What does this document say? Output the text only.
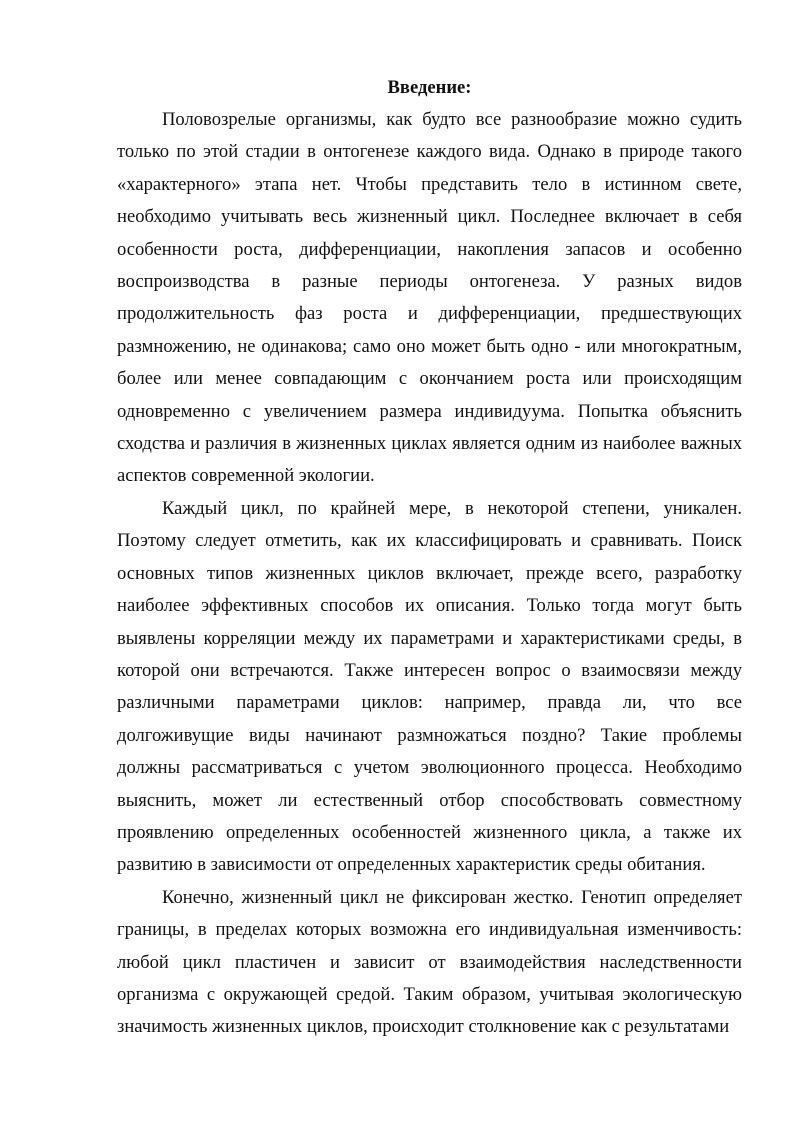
Введение:

Половозрелые организмы, как будто все разнообразие можно судить только по этой стадии в онтогенезе каждого вида. Однако в природе такого «характерного» этапа нет. Чтобы представить тело в истинном свете, необходимо учитывать весь жизненный цикл. Последнее включает в себя особенности роста, дифференциации, накопления запасов и особенно воспроизводства в разные периоды онтогенеза. У разных видов продолжительность фаз роста и дифференциации, предшествующих размножению, не одинакова; само оно может быть одно - или многократным, более или менее совпадающим с окончанием роста или происходящим одновременно с увеличением размера индивидуума. Попытка объяснить сходства и различия в жизненных циклах является одним из наиболее важных аспектов современной экологии.

Каждый цикл, по крайней мере, в некоторой степени, уникален. Поэтому следует отметить, как их классифицировать и сравнивать. Поиск основных типов жизненных циклов включает, прежде всего, разработку наиболее эффективных способов их описания. Только тогда могут быть выявлены корреляции между их параметрами и характеристиками среды, в которой они встречаются. Также интересен вопрос о взаимосвязи между различными параметрами циклов: например, правда ли, что все долгоживущие виды начинают размножаться поздно? Такие проблемы должны рассматриваться с учетом эволюционного процесса. Необходимо выяснить, может ли естественный отбор способствовать совместному проявлению определенных особенностей жизненного цикла, а также их развитию в зависимости от определенных характеристик среды обитания.

Конечно, жизненный цикл не фиксирован жестко. Генотип определяет границы, в пределах которых возможна его индивидуальная изменчивость: любой цикл пластичен и зависит от взаимодействия наследственности организма с окружающей средой. Таким образом, учитывая экологическую значимость жизненных циклов, происходит столкновение как с результатами
